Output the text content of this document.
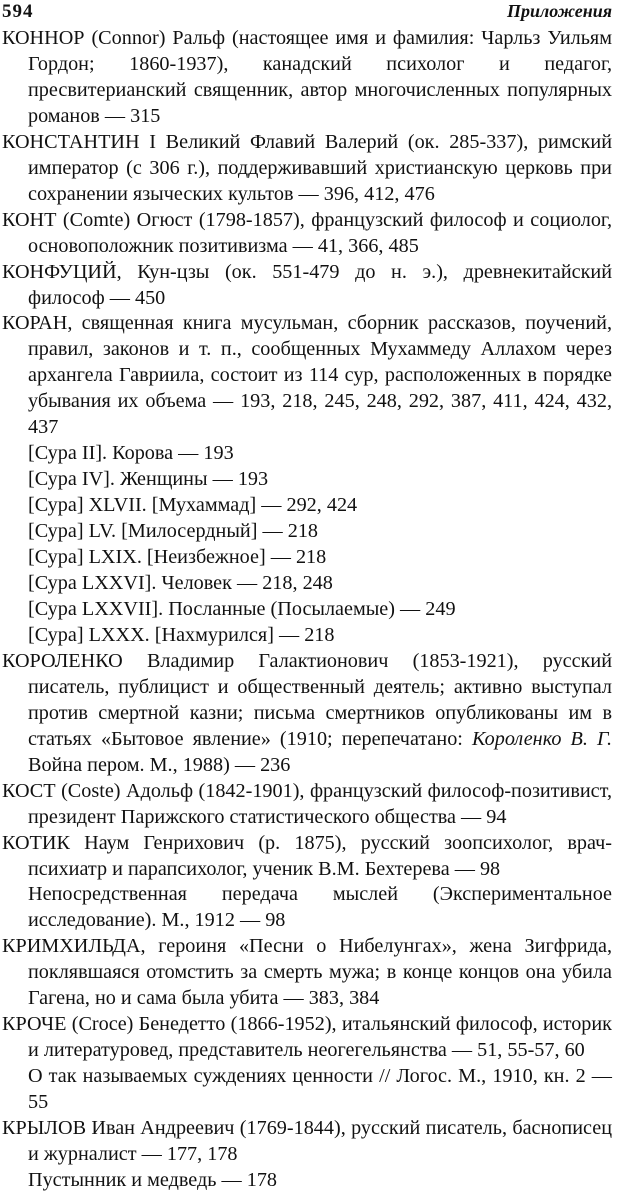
594	Приложения
КОННОР (Connor) Ральф (настоящее имя и фамилия: Чарльз Уильям Гордон; 1860-1937), канадский психолог и педагог, пресвитерианский священник, автор многочисленных популярных романов — 315
КОНСТАНТИН I Великий Флавий Валерий (ок. 285-337), римский император (с 306 г.), поддерживавший христианскую церковь при сохранении языческих культов — 396, 412, 476
КОНТ (Comte) Огюст (1798-1857), французский философ и социолог, основоположник позитивизма — 41, 366, 485
КОНФУЦИЙ, Кун-цзы (ок. 551-479 до н. э.), древнекитайский философ — 450
КОРАН, священная книга мусульман, сборник рассказов, поучений, правил, законов и т. п., сообщенных Мухаммеду Аллахом через архангела Гавриила, состоит из 114 сур, расположенных в порядке убывания их объема — 193, 218, 245, 248, 292, 387, 411, 424, 432, 437
[Сура II]. Корова — 193
[Сура IV]. Женщины — 193
[Сура] XLVII. [Мухаммад] — 292, 424
[Сура] LV. [Милосердный] — 218
[Сура] LXIX. [Неизбежное] — 218
[Сура LXXVI]. Человек — 218, 248
[Сура LXXVII]. Посланные (Посылаемые) — 249
[Сура] LXXX. [Нахмурился] — 218
КОРОЛЕНКО Владимир Галактионович (1853-1921), русский писатель, публицист и общественный деятель; активно выступал против смертной казни; письма смертников опубликованы им в статьях «Бытовое явление» (1910; перепечатано: Короленко В. Г. Война пером. М., 1988) — 236
КОСТ (Coste) Адольф (1842-1901), французский философ-позитивист, президент Парижского статистического общества — 94
КОТИК Наум Генрихович (р. 1875), русский зоопсихолог, врач-психиатр и парапсихолог, ученик В.М. Бехтерева — 98
Непосредственная передача мыслей (Экспериментальное исследование). М., 1912 — 98
КРИМХИЛЬДА, героиня «Песни о Нибелунгах», жена Зигфрида, поклявшаяся отомстить за смерть мужа; в конце концов она убила Гагена, но и сама была убита — 383, 384
КРОЧЕ (Croce) Бенедетто (1866-1952), итальянский философ, историк и литературовед, представитель неогегельянства — 51, 55-57, 60
О так называемых суждениях ценности // Логос. М., 1910, кн. 2 — 55
КРЫЛОВ Иван Андреевич (1769-1844), русский писатель, баснописец и журналист — 177, 178
Пустынник и медведь — 178
